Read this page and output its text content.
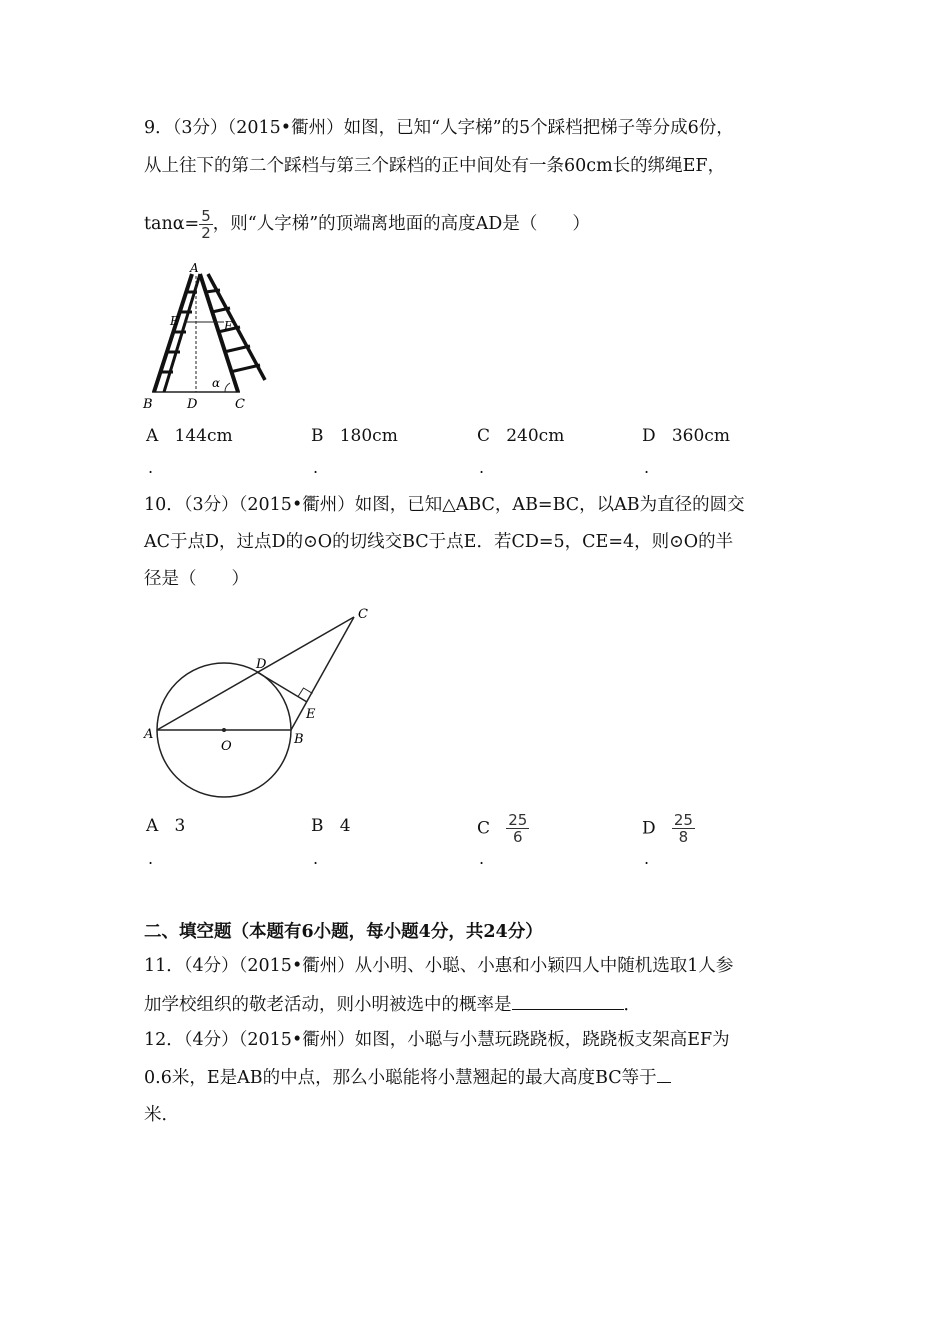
9．（3分）（2015•衢州）如图，已知“人字梯”的5个踩档把梯子等分成6份，
从上往下的第二个踩档与第三个踩档的正中间处有一条60cm长的绑绳EF，
$\tan\alpha= \frac{5}{2}$ ，则“人字梯”的顶端离地面的高度AD是（　　）
A
E	F
α
B	D	C
A 144cm	B 180cm	C 240cm	D 360cm
.	.	.	.
10．（3分）（2015•衢州）如图，已知△ABC，AB=BC，以AB为直径的圆交
AC于点D，过点D的⊙O的切线交BC于点E．若CD=5，CE=4，则⊙O的半
径是（　　）
A
O	B
D
E
C
A 3	B 4	C $\frac{25}{6}$	D $\frac{25}{8}$
.	.	.	.
二、填空题（本题有6小题，每小题4分，共24分）
11．（4分）（2015•衢州）从小明、小聪、小惠和小颖四人中随机选取1人参
加学校组织的敬老活动，则小明被选中的概率是	．
12．（4分）（2015•衢州）如图，小聪与小慧玩跷跷板，跷跷板支架高EF为
0.6米，E是AB的中点，那么小聪能将小慧翘起的最大高度BC等于
米．
